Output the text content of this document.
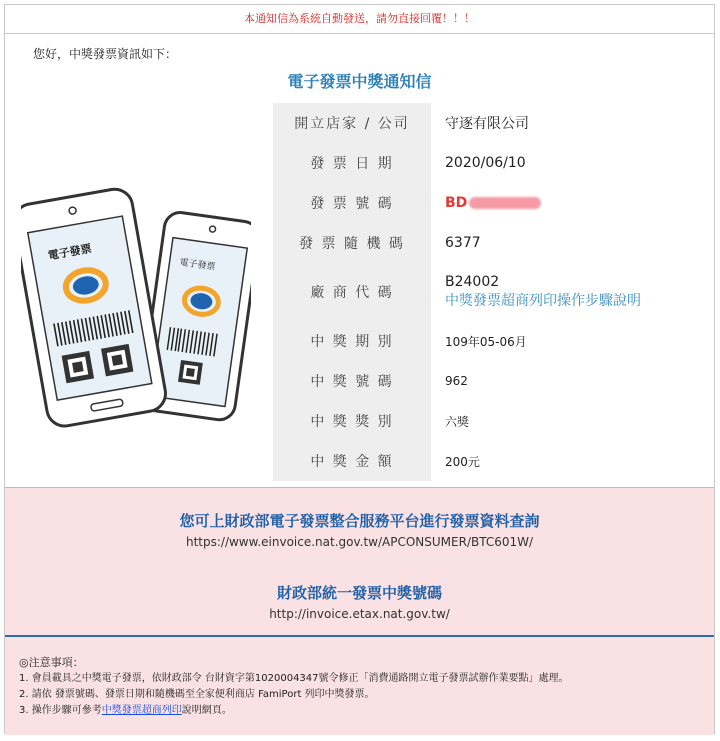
本通知信為系統自動發送，請勿直接回覆！！！
您好，中獎發票資訊如下：
電子發票中獎通知信
電子發票
電子發票
開立店家 / 公司	守逐有限公司
發 票 日 期	2020/06/10
發 票 號 碼	BD
發 票 隨 機 碼	6377
廠 商 代 碼	B24002
中獎發票超商列印操作步驟說明

中 獎 期 別	109年05-06月
中 獎 號 碼	962
中 獎 獎 別	六獎
中 獎 金 額	200元
您可上財政部電子發票整合服務平台進行發票資料查詢
https://www.einvoice.nat.gov.tw/APCONSUMER/BTC601W/
財政部統一發票中獎號碼
http://invoice.etax.nat.gov.tw/
◎注意事項：
1. 會員載具之中獎電子發票，依財政部令 台財資字第1020004347號令修正「消費通路開立電子發票試辦作業要點」處理。
2. 請依 發票號碼、發票日期和隨機碼至全家便利商店 FamiPort 列印中獎發票。
3. 操作步驟可參考中獎發票超商列印說明網頁。
